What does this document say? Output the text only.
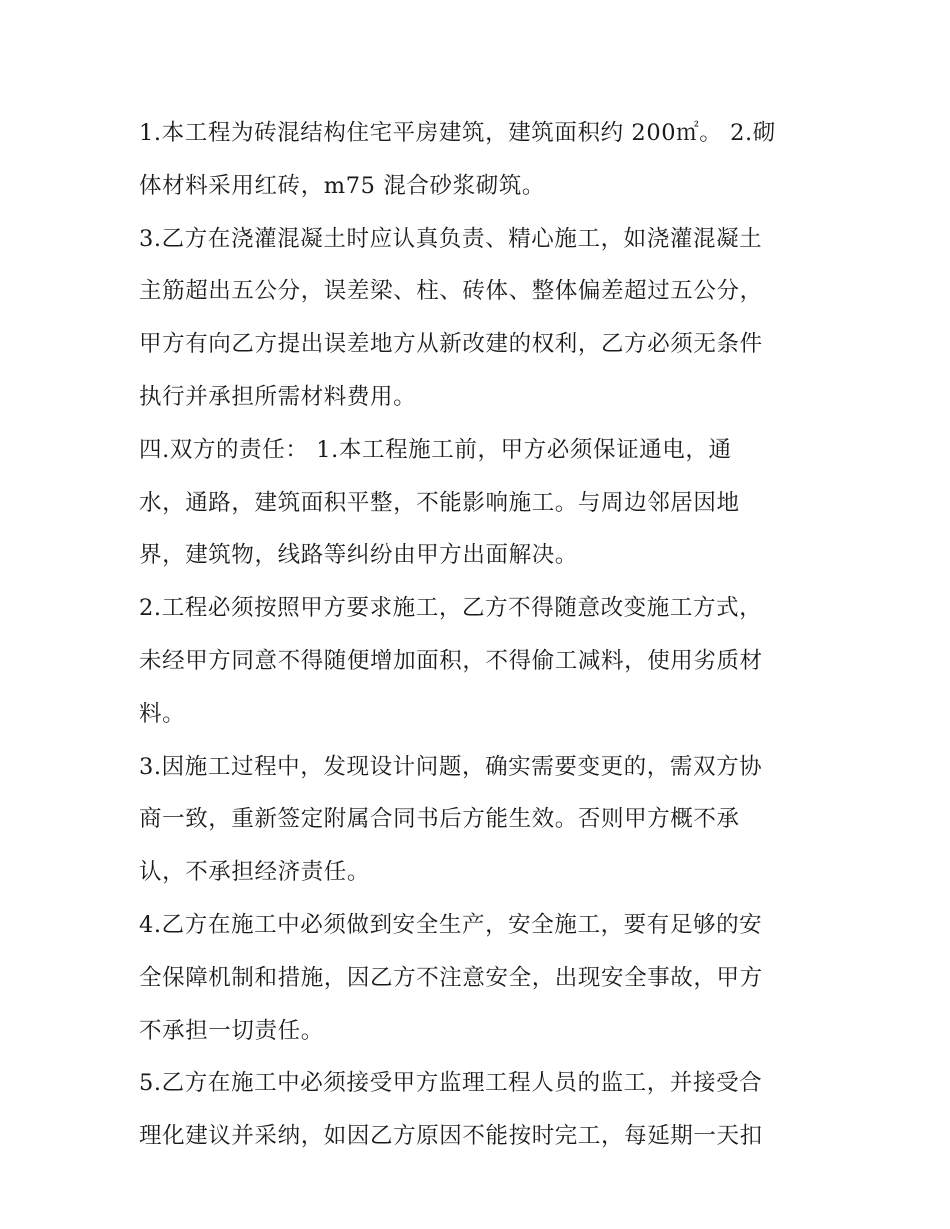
1.本工程为砖混结构住宅平房建筑，建筑面积约 200㎡。 2.砌
体材料采用红砖，m75 混合砂浆砌筑。
3.乙方在浇灌混凝土时应认真负责、精心施工，如浇灌混凝土
主筋超出五公分，误差梁、柱、砖体、整体偏差超过五公分，
甲方有向乙方提出误差地方从新改建的权利，乙方必须无条件
执行并承担所需材料费用。
四.双方的责任： 1.本工程施工前，甲方必须保证通电，通
水，通路，建筑面积平整，不能影响施工。与周边邻居因地
界，建筑物，线路等纠纷由甲方出面解决。
2.工程必须按照甲方要求施工，乙方不得随意改变施工方式，
未经甲方同意不得随便增加面积，不得偷工减料，使用劣质材
料。
3.因施工过程中，发现设计问题，确实需要变更的，需双方协
商一致，重新签定附属合同书后方能生效。否则甲方概不承
认，不承担经济责任。
4.乙方在施工中必须做到安全生产，安全施工，要有足够的安
全保障机制和措施，因乙方不注意安全，出现安全事故，甲方
不承担一切责任。
5.乙方在施工中必须接受甲方监理工程人员的监工，并接受合
理化建议并采纳，如因乙方原因不能按时完工，每延期一天扣
